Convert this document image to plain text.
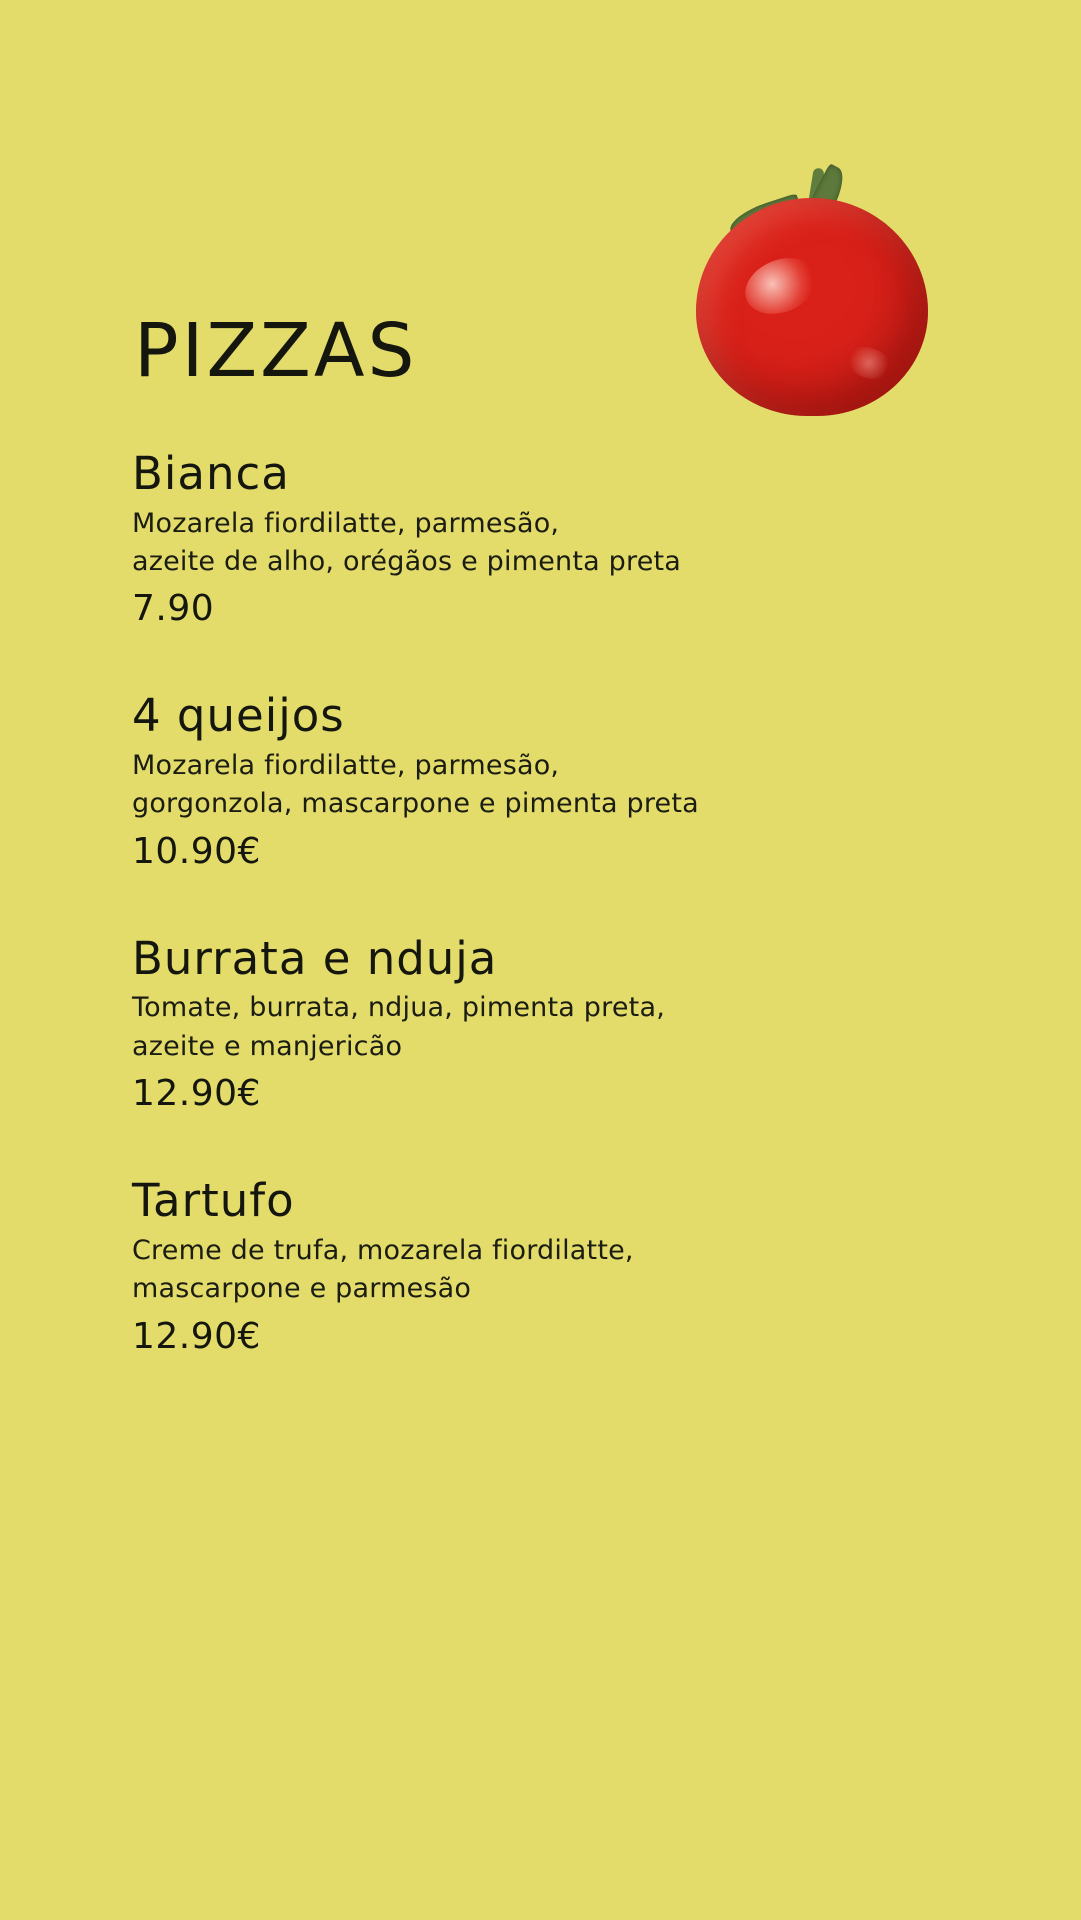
PIZZAS

Bianca

Mozarela fiordilatte, parmesão,
azeite de alho, orégãos e pimenta preta

7.90

4 queijos

Mozarela fiordilatte, parmesão,
gorgonzola, mascarpone e pimenta preta

10.90€

Burrata e nduja

Tomate, burrata, ndjua, pimenta preta,
azeite e manjericão

12.90€

Tartufo

Creme de trufa, mozarela fiordilatte,
mascarpone e parmesão

12.90€
